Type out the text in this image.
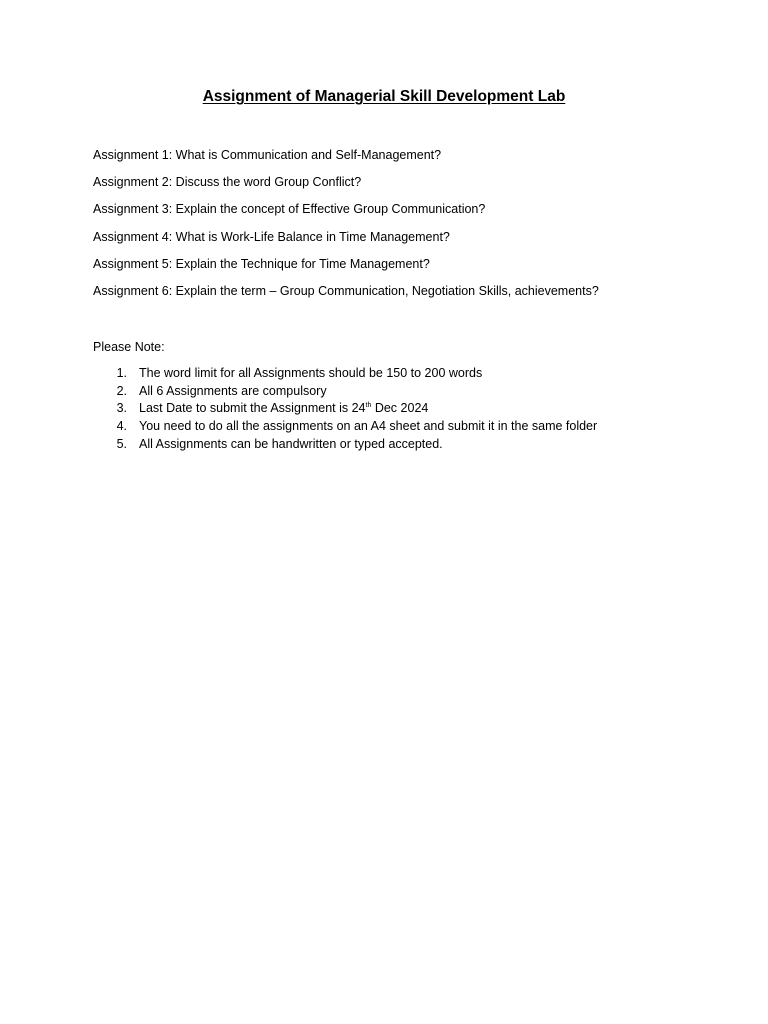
Assignment of Managerial Skill Development Lab
Assignment 1: What is Communication and Self-Management?
Assignment 2: Discuss the word Group Conflict?
Assignment 3: Explain the concept of Effective Group Communication?
Assignment 4: What is Work-Life Balance in Time Management?
Assignment 5: Explain the Technique for Time Management?
Assignment 6: Explain the term – Group Communication, Negotiation Skills, achievements?
Please Note:
1. The word limit for all Assignments should be 150 to 200 words
2. All 6 Assignments are compulsory
3. Last Date to submit the Assignment is 24th Dec 2024
4. You need to do all the assignments on an A4 sheet and submit it in the same folder
5. All Assignments can be handwritten or typed accepted.
